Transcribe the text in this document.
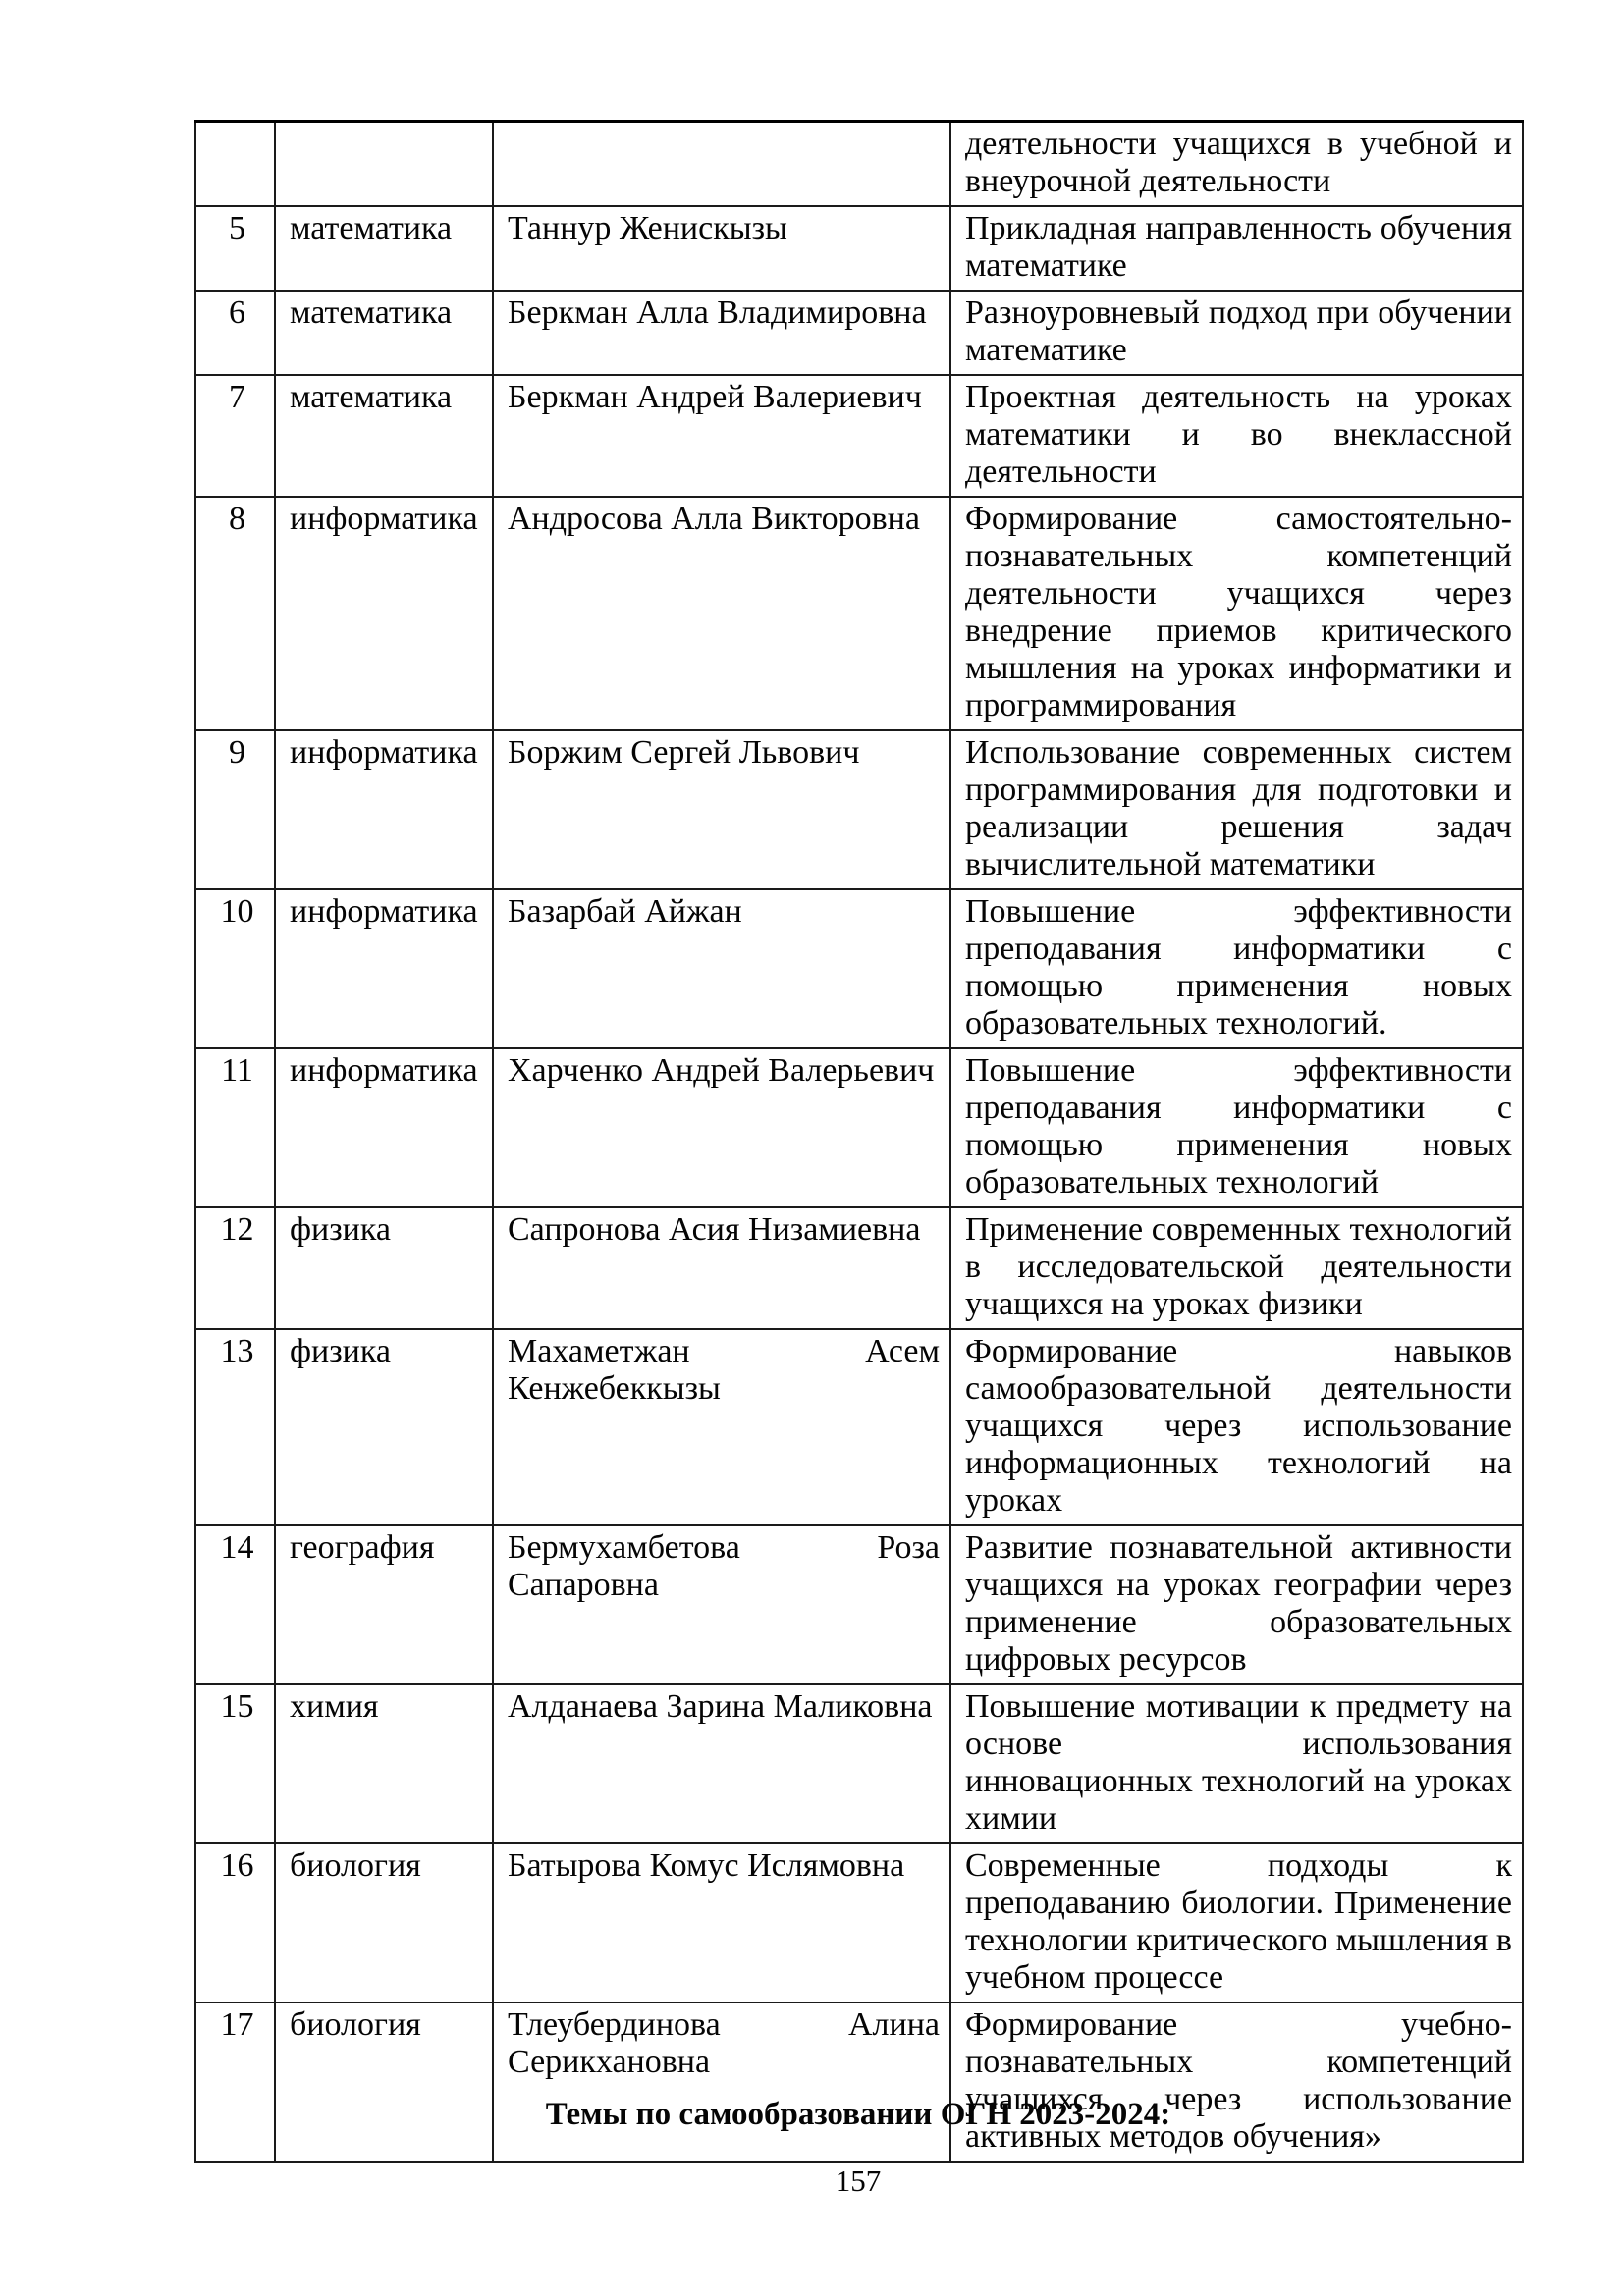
			деятельности учащихся в учебной и внеурочной деятельности
5	математика	Таннур Женискызы	Прикладная направленность обучения математике
6	математика	Беркман Алла Владимировна	Разноуровневый подход при обучении математике
7	математика	Беркман Андрей Валериевич	Проектная деятельность на уроках математики и во внеклассной деятельности
8	информатика	Андросова Алла Викторовна	Формирование самостоятельно-познавательных компетенций деятельности учащихся через внедрение приемов критического мышления на уроках информатики и программирования
9	информатика	Боржим Сергей Львович	Использование современных систем программирования для подготовки и реализации решения задач вычислительной математики
10	информатика	Базарбай Айжан	Повышение эффективности преподавания информатики с помощью применения новых образовательных технологий.
11	информатика	Харченко Андрей Валерьевич	Повышение эффективности преподавания информатики с помощью применения новых образовательных технологий
12	физика	Сапронова Асия Низамиевна	Применение современных технологий в исследовательской деятельности учащихся на уроках физики
13	физика	Махаметжан Асем Кенжебеккызы	Формирование навыков самообразовательной деятельности учащихся через использование информационных технологий на уроках
14	география	Бермухамбетова Роза Сапаровна	Развитие познавательной активности учащихся на уроках географии через применение образовательных цифровых ресурсов
15	химия	Алданаева Зарина Маликовна	Повышение мотивации к предмету на основе использования инновационных технологий на уроках химии
16	биология	Батырова Комус Ислямовна	Современные подходы к преподаванию биологии. Применение технологии критического мышления в учебном процессе
17	биология	Тлеубердинова Алина Серикхановна	Формирование учебно-познавательных компетенций учащихся через использование активных методов обучения»
Темы по самообразовании ОГН 2023-2024:
157
